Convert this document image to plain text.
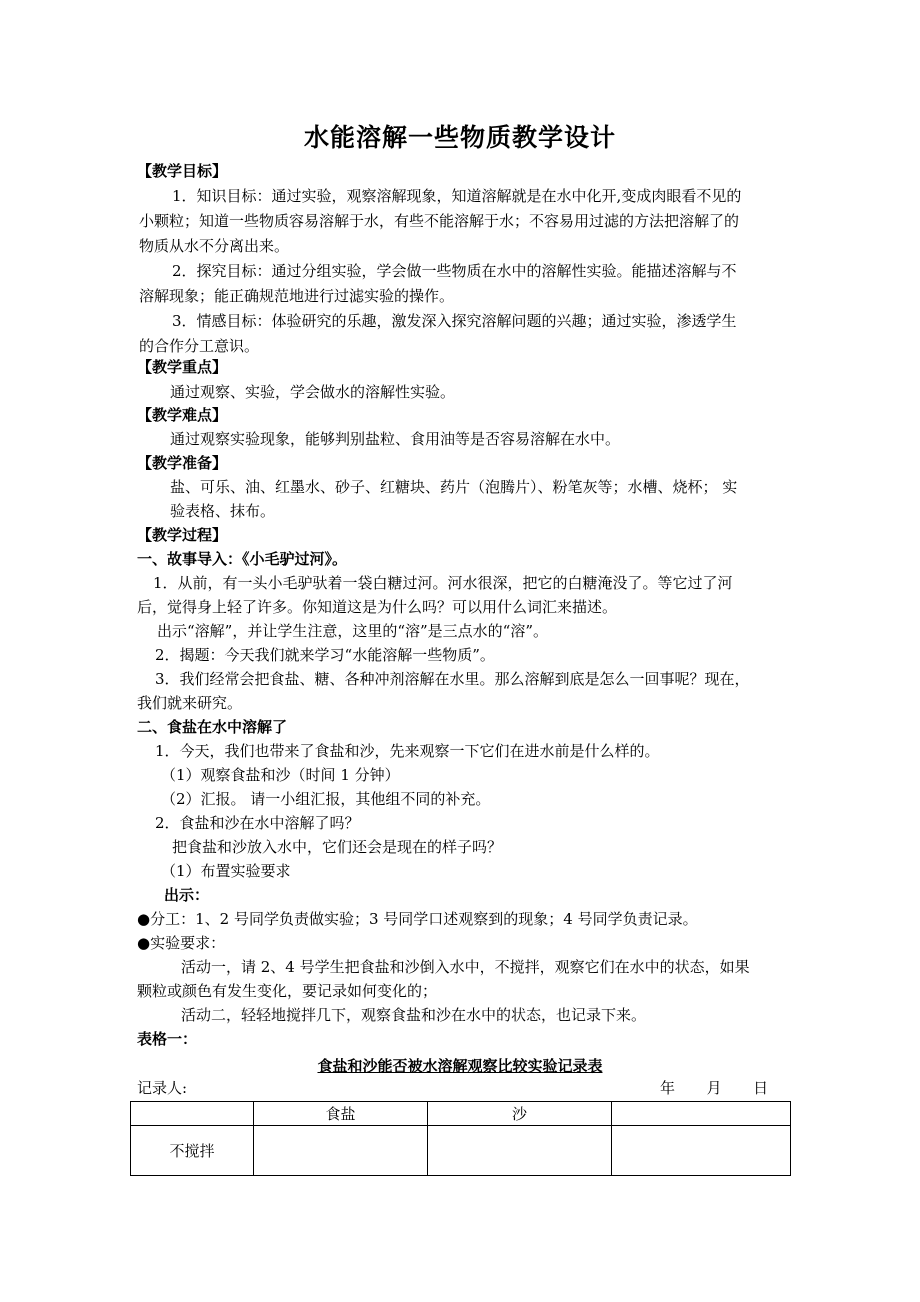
水能溶解一些物质教学设计
【教学目标】
1．知识目标：通过实验，观察溶解现象，知道溶解就是在水中化开,变成肉眼看不见的
小颗粒；知道一些物质容易溶解于水，有些不能溶解于水；不容易用过滤的方法把溶解了的
物质从水不分离出来。
2．探究目标：通过分组实验，学会做一些物质在水中的溶解性实验。能描述溶解与不
溶解现象；能正确规范地进行过滤实验的操作。
3．情感目标：体验研究的乐趣，激发深入探究溶解问题的兴趣；通过实验，渗透学生
的合作分工意识。
【教学重点】
通过观察、实验，学会做水的溶解性实验。
【教学难点】
通过观察实验现象，能够判别盐粒、食用油等是否容易溶解在水中。
【教学准备】
盐、可乐、油、红墨水、砂子、红糖块、药片（泡腾片）、粉笔灰等；水槽、烧杯； 实
验表格、抹布。
【教学过程】
一、故事导入：《小毛驴过河》。
1．从前，有一头小毛驴驮着一袋白糖过河。河水很深，把它的白糖淹没了。等它过了河
后，觉得身上轻了许多。你知道这是为什么吗？可以用什么词汇来描述。
出示“溶解”，并让学生注意，这里的“溶”是三点水的“溶”。
2．揭题：今天我们就来学习“水能溶解一些物质”。
3．我们经常会把食盐、糖、各种冲剂溶解在水里。那么溶解到底是怎么一回事呢？现在，
我们就来研究。
二、食盐在水中溶解了
1．今天，我们也带来了食盐和沙，先来观察一下它们在进水前是什么样的。
（1）观察食盐和沙（时间 1 分钟）
（2）汇报。 请一小组汇报，其他组不同的补充。
2．食盐和沙在水中溶解了吗？
把食盐和沙放入水中，它们还会是现在的样子吗？
（1）布置实验要求
出示：
●分工：1、2 号同学负责做实验；3 号同学口述观察到的现象；4 号同学负责记录。
●实验要求：
活动一，请 2、4 号学生把食盐和沙倒入水中，不搅拌，观察它们在水中的状态，如果
颗粒或颜色有发生变化，要记录如何变化的；
活动二，轻轻地搅拌几下，观察食盐和沙在水中的状态，也记录下来。
表格一：
食盐和沙能否被水溶解观察比较实验记录表
记录人:	年 月 日
	食盐	沙	
不搅拌			
